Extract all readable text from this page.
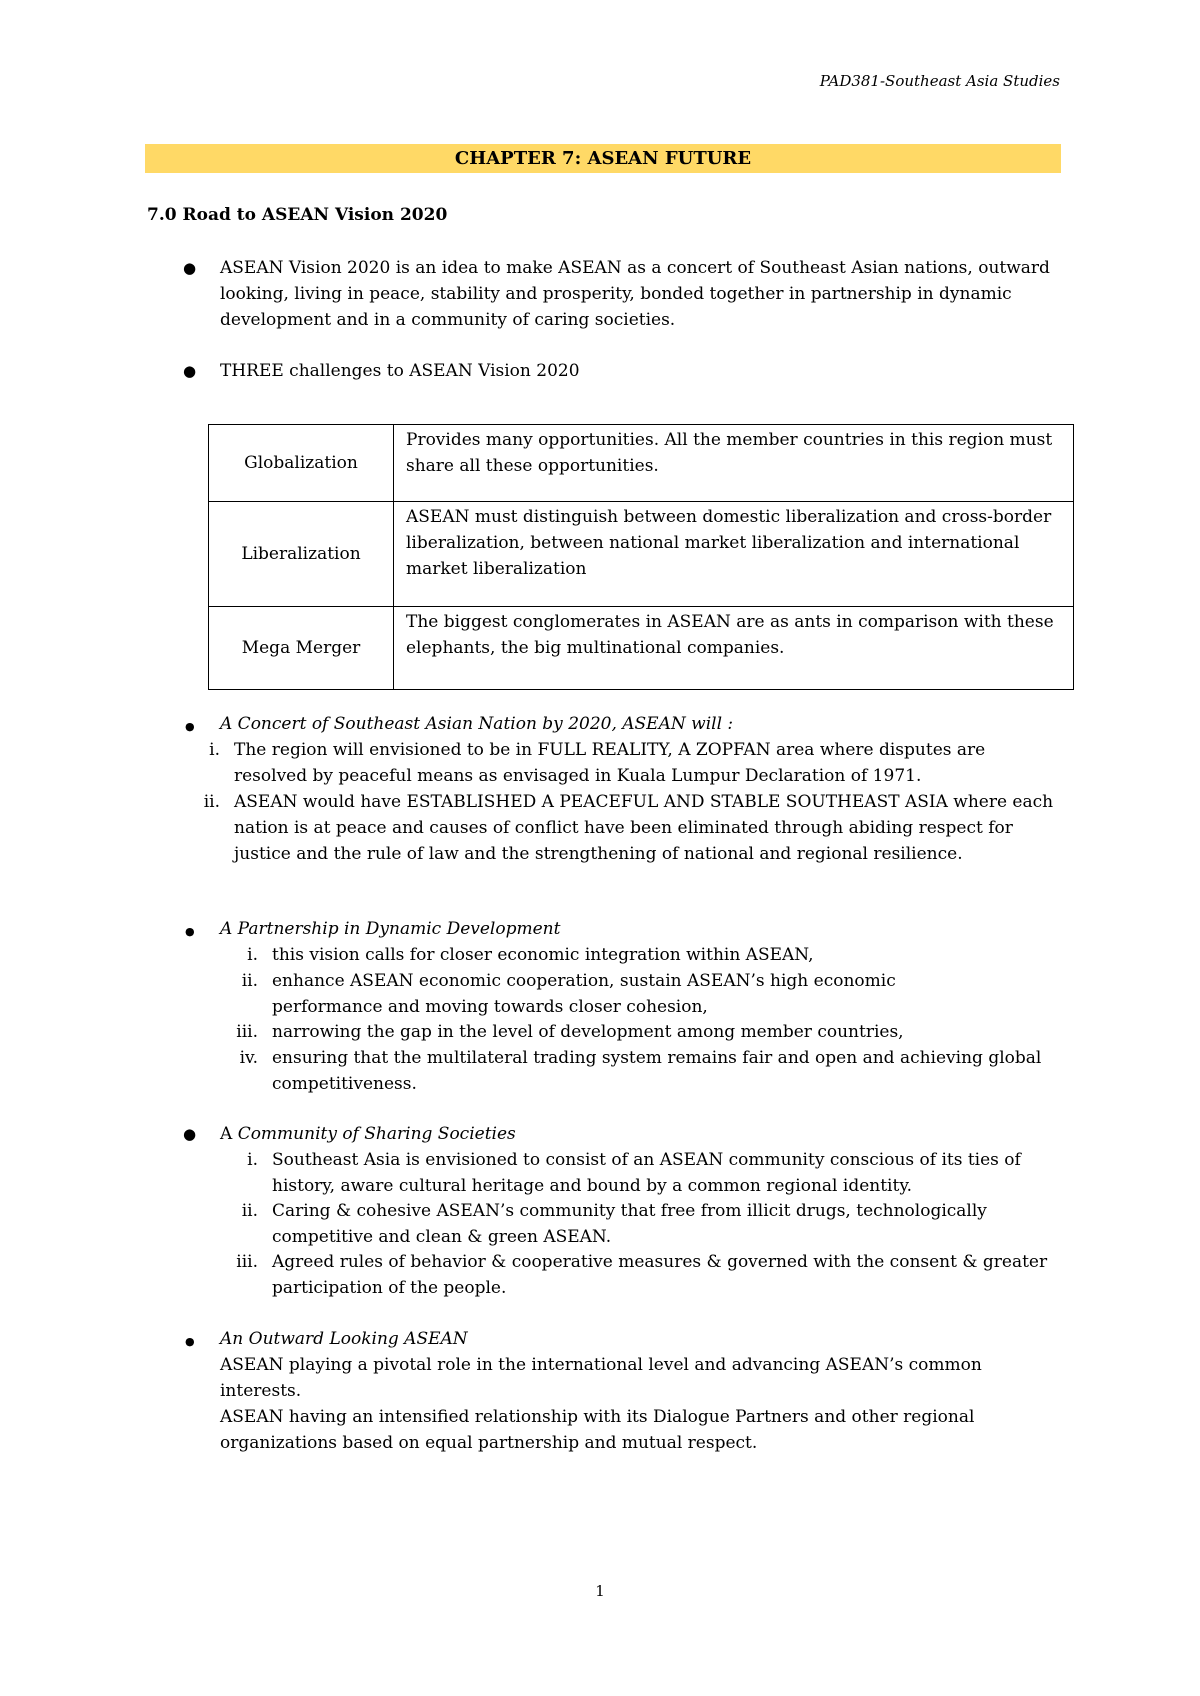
PAD381-Southeast Asia Studies
CHAPTER 7: ASEAN FUTURE
7.0 Road to ASEAN Vision 2020
● ASEAN Vision 2020 is an idea to make ASEAN as a concert of Southeast Asian nations, outward looking, living in peace, stability and prosperity, bonded together in partnership in dynamic development and in a community of caring societies.
● THREE challenges to ASEAN Vision 2020
Globalization	Provides many opportunities. All the member countries in this region must share all these opportunities.
Liberalization	ASEAN must distinguish between domestic liberalization and cross-border liberalization, between national market liberalization and international market liberalization
Mega Merger	The biggest conglomerates in ASEAN are as ants in comparison with these elephants, the big multinational companies.
● A Concert of Southeast Asian Nation by 2020, ASEAN will :
i. The region will envisioned to be in FULL REALITY, A ZOPFAN area where disputes are resolved by peaceful means as envisaged in Kuala Lumpur Declaration of 1971.
ii. ASEAN would have ESTABLISHED A PEACEFUL AND STABLE SOUTHEAST ASIA where each nation is at peace and causes of conflict have been eliminated through abiding respect for justice and the rule of law and the strengthening of national and regional resilience.
● A Partnership in Dynamic Development
i. this vision calls for closer economic integration within ASEAN,
ii. enhance ASEAN economic cooperation, sustain ASEAN’s high economic performance and moving towards closer cohesion,
iii. narrowing the gap in the level of development among member countries,
iv. ensuring that the multilateral trading system remains fair and open and achieving global competitiveness.
● A Community of Sharing Societies
i. Southeast Asia is envisioned to consist of an ASEAN community conscious of its ties of history, aware cultural heritage and bound by a common regional identity.
ii. Caring & cohesive ASEAN’s community that free from illicit drugs, technologically competitive and clean & green ASEAN.
iii. Agreed rules of behavior & cooperative measures & governed with the consent & greater participation of the people.
● An Outward Looking ASEAN
ASEAN playing a pivotal role in the international level and advancing ASEAN’s common interests.
ASEAN having an intensified relationship with its Dialogue Partners and other regional organizations based on equal partnership and mutual respect.
1
